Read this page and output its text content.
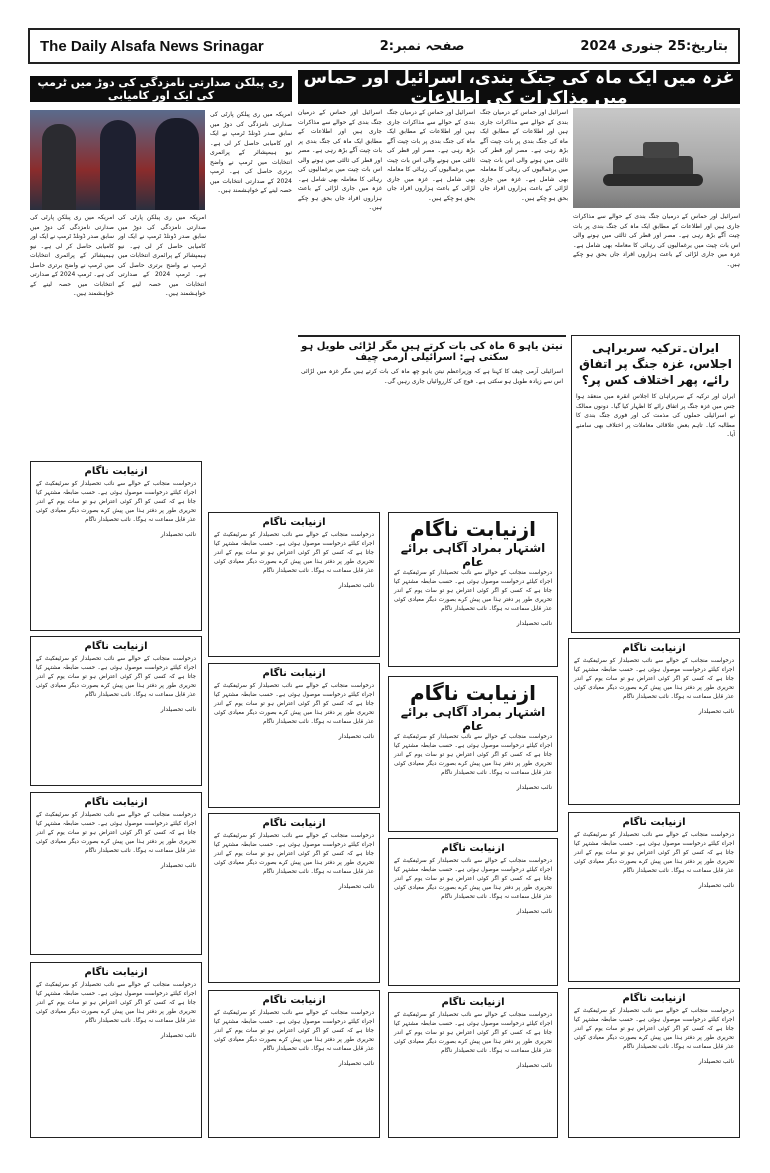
The Daily Alsafa News Srinagar	صفحہ نمبر:2	بتاریخ:25 جنوری 2024
غزہ میں ایک ماہ کی جنگ بندی، اسرائیل اور حماس میں مذاکرات کی اطلاعات
ری پبلکن صدارتی نامزدگی کی دوڑ میں ٹرمپ کی ایک اور کامیابی
امریکہ میں ری پبلکن پارٹی کی صدارتی نامزدگی کی دوڑ میں سابق صدر ڈونلڈ ٹرمپ نے ایک اور کامیابی حاصل کر لی ہے۔ نیو ہیمپشائر کے پرائمری انتخابات میں ٹرمپ نے واضح برتری حاصل کی ہے۔ ٹرمپ 2024 کے صدارتی انتخابات میں حصہ لینے کے خواہشمند ہیں۔
امریکہ میں ری پبلکن پارٹی کی صدارتی نامزدگی کی دوڑ میں سابق صدر ڈونلڈ ٹرمپ نے ایک اور کامیابی حاصل کر لی ہے۔ نیو ہیمپشائر کے پرائمری انتخابات میں ٹرمپ نے واضح برتری حاصل کی ہے۔ ٹرمپ 2024 کے صدارتی انتخابات میں حصہ لینے کے خواہشمند ہیں۔
امریکہ میں ری پبلکن پارٹی کی صدارتی نامزدگی کی دوڑ میں سابق صدر ڈونلڈ ٹرمپ نے ایک اور کامیابی حاصل کر لی ہے۔ نیو ہیمپشائر کے پرائمری انتخابات میں ٹرمپ نے واضح برتری حاصل کی ہے۔ ٹرمپ 2024 کے صدارتی انتخابات میں حصہ لینے کے خواہشمند ہیں۔
اسرائیل اور حماس کے درمیان جنگ بندی کے حوالے سے مذاکرات جاری ہیں اور اطلاعات کے مطابق ایک ماہ کی جنگ بندی پر بات چیت آگے بڑھ رہی ہے۔ مصر اور قطر کی ثالثی میں ہونے والی اس بات چیت میں یرغمالیوں کی رہائی کا معاملہ بھی شامل ہے۔ غزہ میں جاری لڑائی کے باعث ہزاروں افراد جاں بحق ہو چکے ہیں۔
اسرائیل اور حماس کے درمیان جنگ بندی کے حوالے سے مذاکرات جاری ہیں اور اطلاعات کے مطابق ایک ماہ کی جنگ بندی پر بات چیت آگے بڑھ رہی ہے۔ مصر اور قطر کی ثالثی میں ہونے والی اس بات چیت میں یرغمالیوں کی رہائی کا معاملہ بھی شامل ہے۔ غزہ میں جاری لڑائی کے باعث ہزاروں افراد جاں بحق ہو چکے ہیں۔
اسرائیل اور حماس کے درمیان جنگ بندی کے حوالے سے مذاکرات جاری ہیں اور اطلاعات کے مطابق ایک ماہ کی جنگ بندی پر بات چیت آگے بڑھ رہی ہے۔ مصر اور قطر کی ثالثی میں ہونے والی اس بات چیت میں یرغمالیوں کی رہائی کا معاملہ بھی شامل ہے۔ غزہ میں جاری لڑائی کے باعث ہزاروں افراد جاں بحق ہو چکے ہیں۔
اسرائیل اور حماس کے درمیان جنگ بندی کے حوالے سے مذاکرات جاری ہیں اور اطلاعات کے مطابق ایک ماہ کی جنگ بندی پر بات چیت آگے بڑھ رہی ہے۔ مصر اور قطر کی ثالثی میں ہونے والی اس بات چیت میں یرغمالیوں کی رہائی کا معاملہ بھی شامل ہے۔ غزہ میں جاری لڑائی کے باعث ہزاروں افراد جاں بحق ہو چکے ہیں۔
نیتن یاہو 6 ماہ کی بات کرتے ہیں مگر لڑائی طویل ہو سکتی ہے: اسرائیلی آرمی چیف
اسرائیلی آرمی چیف کا کہنا ہے کہ وزیراعظم نیتن یاہو چھ ماہ کی بات کرتے ہیں مگر غزہ میں لڑائی اس سے زیادہ طویل ہو سکتی ہے۔ فوج کی کارروائیاں جاری رہیں گی۔
ایران۔ترکیہ سربراہی اجلاس، غزہ جنگ پر اتفاق رائے، پھر اختلاف کس پر؟
ایران اور ترکیہ کے سربراہان کا اجلاس انقرہ میں منعقد ہوا جس میں غزہ جنگ پر اتفاق رائے کا اظہار کیا گیا۔ دونوں ممالک نے اسرائیلی حملوں کی مذمت کی اور فوری جنگ بندی کا مطالبہ کیا۔ تاہم بعض علاقائی معاملات پر اختلاف بھی سامنے آیا۔
ازنیابت ناگام
اشتہار بمراد آگاہی برائے عام
درخواست منجانب کے حوالے سے نائب تحصیلدار کو سرٹیفکیٹ کے اجراء کیلئے درخواست موصول ہوئی ہے۔ حسب ضابطہ مشتہر کیا جاتا ہے کہ کسی کو اگر کوئی اعتراض ہو تو سات یوم کے اندر تحریری طور پر دفتر ہذا میں پیش کرے بصورت دیگر معیادی کوئی عذر قابل سماعت نہ ہوگا۔ نائب تحصیلدار ناگام
نائب تحصیلدار
ازنیابت ناگام
اشتہار بمراد آگاہی برائے عام
درخواست منجانب کے حوالے سے نائب تحصیلدار کو سرٹیفکیٹ کے اجراء کیلئے درخواست موصول ہوئی ہے۔ حسب ضابطہ مشتہر کیا جاتا ہے کہ کسی کو اگر کوئی اعتراض ہو تو سات یوم کے اندر تحریری طور پر دفتر ہذا میں پیش کرے بصورت دیگر معیادی کوئی عذر قابل سماعت نہ ہوگا۔ نائب تحصیلدار ناگام
نائب تحصیلدار
ازنیابت ناگام
درخواست منجانب کے حوالے سے نائب تحصیلدار کو سرٹیفکیٹ کے اجراء کیلئے درخواست موصول ہوئی ہے۔ حسب ضابطہ مشتہر کیا جاتا ہے کہ کسی کو اگر کوئی اعتراض ہو تو سات یوم کے اندر تحریری طور پر دفتر ہذا میں پیش کرے بصورت دیگر معیادی کوئی عذر قابل سماعت نہ ہوگا۔ نائب تحصیلدار ناگام
نائب تحصیلدار
ازنیابت ناگام
درخواست منجانب کے حوالے سے نائب تحصیلدار کو سرٹیفکیٹ کے اجراء کیلئے درخواست موصول ہوئی ہے۔ حسب ضابطہ مشتہر کیا جاتا ہے کہ کسی کو اگر کوئی اعتراض ہو تو سات یوم کے اندر تحریری طور پر دفتر ہذا میں پیش کرے بصورت دیگر معیادی کوئی عذر قابل سماعت نہ ہوگا۔ نائب تحصیلدار ناگام
نائب تحصیلدار
ازنیابت ناگام
درخواست منجانب کے حوالے سے نائب تحصیلدار کو سرٹیفکیٹ کے اجراء کیلئے درخواست موصول ہوئی ہے۔ حسب ضابطہ مشتہر کیا جاتا ہے کہ کسی کو اگر کوئی اعتراض ہو تو سات یوم کے اندر تحریری طور پر دفتر ہذا میں پیش کرے بصورت دیگر معیادی کوئی عذر قابل سماعت نہ ہوگا۔ نائب تحصیلدار ناگام
نائب تحصیلدار
ازنیابت ناگام
درخواست منجانب کے حوالے سے نائب تحصیلدار کو سرٹیفکیٹ کے اجراء کیلئے درخواست موصول ہوئی ہے۔ حسب ضابطہ مشتہر کیا جاتا ہے کہ کسی کو اگر کوئی اعتراض ہو تو سات یوم کے اندر تحریری طور پر دفتر ہذا میں پیش کرے بصورت دیگر معیادی کوئی عذر قابل سماعت نہ ہوگا۔ نائب تحصیلدار ناگام
نائب تحصیلدار
ازنیابت ناگام
درخواست منجانب کے حوالے سے نائب تحصیلدار کو سرٹیفکیٹ کے اجراء کیلئے درخواست موصول ہوئی ہے۔ حسب ضابطہ مشتہر کیا جاتا ہے کہ کسی کو اگر کوئی اعتراض ہو تو سات یوم کے اندر تحریری طور پر دفتر ہذا میں پیش کرے بصورت دیگر معیادی کوئی عذر قابل سماعت نہ ہوگا۔ نائب تحصیلدار ناگام
نائب تحصیلدار
ازنیابت ناگام
درخواست منجانب کے حوالے سے نائب تحصیلدار کو سرٹیفکیٹ کے اجراء کیلئے درخواست موصول ہوئی ہے۔ حسب ضابطہ مشتہر کیا جاتا ہے کہ کسی کو اگر کوئی اعتراض ہو تو سات یوم کے اندر تحریری طور پر دفتر ہذا میں پیش کرے بصورت دیگر معیادی کوئی عذر قابل سماعت نہ ہوگا۔ نائب تحصیلدار ناگام
نائب تحصیلدار
ازنیابت ناگام
درخواست منجانب کے حوالے سے نائب تحصیلدار کو سرٹیفکیٹ کے اجراء کیلئے درخواست موصول ہوئی ہے۔ حسب ضابطہ مشتہر کیا جاتا ہے کہ کسی کو اگر کوئی اعتراض ہو تو سات یوم کے اندر تحریری طور پر دفتر ہذا میں پیش کرے بصورت دیگر معیادی کوئی عذر قابل سماعت نہ ہوگا۔ نائب تحصیلدار ناگام
نائب تحصیلدار
ازنیابت ناگام
درخواست منجانب کے حوالے سے نائب تحصیلدار کو سرٹیفکیٹ کے اجراء کیلئے درخواست موصول ہوئی ہے۔ حسب ضابطہ مشتہر کیا جاتا ہے کہ کسی کو اگر کوئی اعتراض ہو تو سات یوم کے اندر تحریری طور پر دفتر ہذا میں پیش کرے بصورت دیگر معیادی کوئی عذر قابل سماعت نہ ہوگا۔ نائب تحصیلدار ناگام
نائب تحصیلدار
ازنیابت ناگام
درخواست منجانب کے حوالے سے نائب تحصیلدار کو سرٹیفکیٹ کے اجراء کیلئے درخواست موصول ہوئی ہے۔ حسب ضابطہ مشتہر کیا جاتا ہے کہ کسی کو اگر کوئی اعتراض ہو تو سات یوم کے اندر تحریری طور پر دفتر ہذا میں پیش کرے بصورت دیگر معیادی کوئی عذر قابل سماعت نہ ہوگا۔ نائب تحصیلدار ناگام
نائب تحصیلدار
ازنیابت ناگام
درخواست منجانب کے حوالے سے نائب تحصیلدار کو سرٹیفکیٹ کے اجراء کیلئے درخواست موصول ہوئی ہے۔ حسب ضابطہ مشتہر کیا جاتا ہے کہ کسی کو اگر کوئی اعتراض ہو تو سات یوم کے اندر تحریری طور پر دفتر ہذا میں پیش کرے بصورت دیگر معیادی کوئی عذر قابل سماعت نہ ہوگا۔ نائب تحصیلدار ناگام
نائب تحصیلدار
ازنیابت ناگام
درخواست منجانب کے حوالے سے نائب تحصیلدار کو سرٹیفکیٹ کے اجراء کیلئے درخواست موصول ہوئی ہے۔ حسب ضابطہ مشتہر کیا جاتا ہے کہ کسی کو اگر کوئی اعتراض ہو تو سات یوم کے اندر تحریری طور پر دفتر ہذا میں پیش کرے بصورت دیگر معیادی کوئی عذر قابل سماعت نہ ہوگا۔ نائب تحصیلدار ناگام
نائب تحصیلدار
ازنیابت ناگام
درخواست منجانب کے حوالے سے نائب تحصیلدار کو سرٹیفکیٹ کے اجراء کیلئے درخواست موصول ہوئی ہے۔ حسب ضابطہ مشتہر کیا جاتا ہے کہ کسی کو اگر کوئی اعتراض ہو تو سات یوم کے اندر تحریری طور پر دفتر ہذا میں پیش کرے بصورت دیگر معیادی کوئی عذر قابل سماعت نہ ہوگا۔ نائب تحصیلدار ناگام
نائب تحصیلدار
ازنیابت ناگام
درخواست منجانب کے حوالے سے نائب تحصیلدار کو سرٹیفکیٹ کے اجراء کیلئے درخواست موصول ہوئی ہے۔ حسب ضابطہ مشتہر کیا جاتا ہے کہ کسی کو اگر کوئی اعتراض ہو تو سات یوم کے اندر تحریری طور پر دفتر ہذا میں پیش کرے بصورت دیگر معیادی کوئی عذر قابل سماعت نہ ہوگا۔ نائب تحصیلدار ناگام
نائب تحصیلدار
